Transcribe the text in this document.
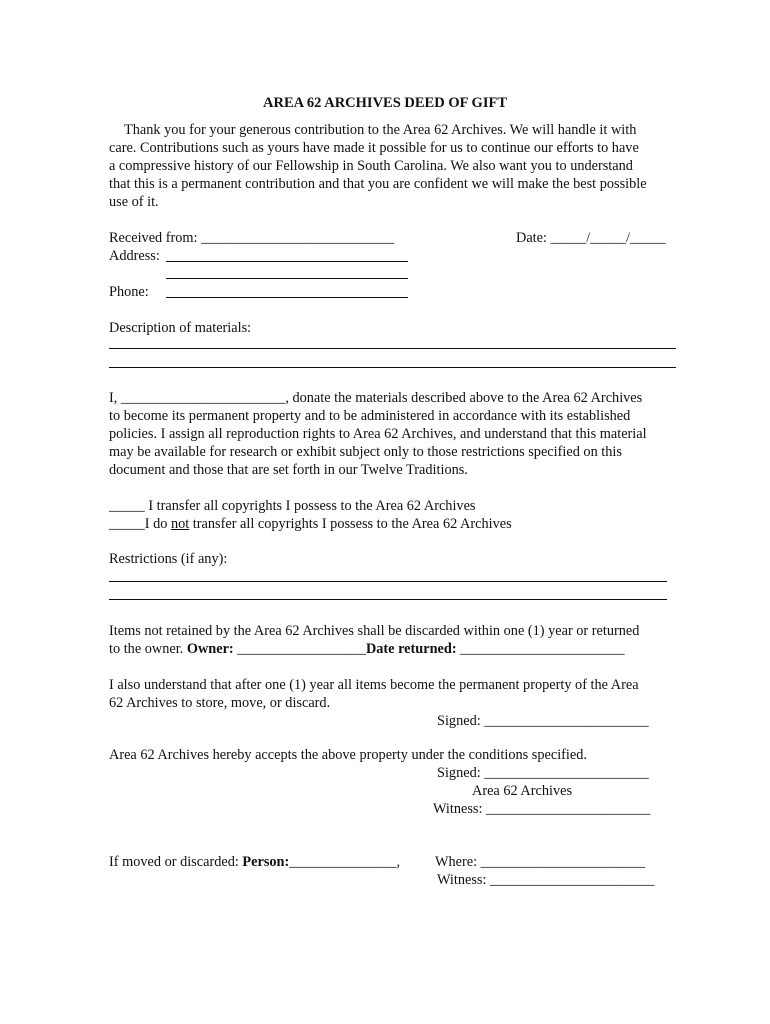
AREA 62 ARCHIVES DEED OF GIFT
Thank you for your generous contribution to the Area 62 Archives. We will handle it with
care. Contributions such as yours have made it possible for us to continue our efforts to have
a compressive history of our Fellowship in South Carolina. We also want you to understand
that this is a permanent contribution and that you are confident we will make the best possible
use of it.
Received from: ___________________________	Date: _____/_____/_____
Address:
Phone:
Description of materials:
I, _______________________, donate the materials described above to the Area 62 Archives
to become its permanent property and to be administered in accordance with its established
policies. I assign all reproduction rights to Area 62 Archives, and understand that this material
may be available for research or exhibit subject only to those restrictions specified on this
document and those that are set forth in our Twelve Traditions.
_____ I transfer all copyrights I possess to the Area 62 Archives
_____I do not transfer all copyrights I possess to the Area 62 Archives
Restrictions (if any):
Items not retained by the Area 62 Archives shall be discarded within one (1) year or returned
to the owner. Owner: __________________Date returned: _______________________
I also understand that after one (1) year all items become the permanent property of the Area
62 Archives to store, move, or discard.
Signed: _______________________
Area 62 Archives hereby accepts the above property under the conditions specified.
Signed: _______________________
Area 62 Archives
Witness: _______________________
If moved or discarded: Person:_______________, Where: _______________________
Witness: _______________________
